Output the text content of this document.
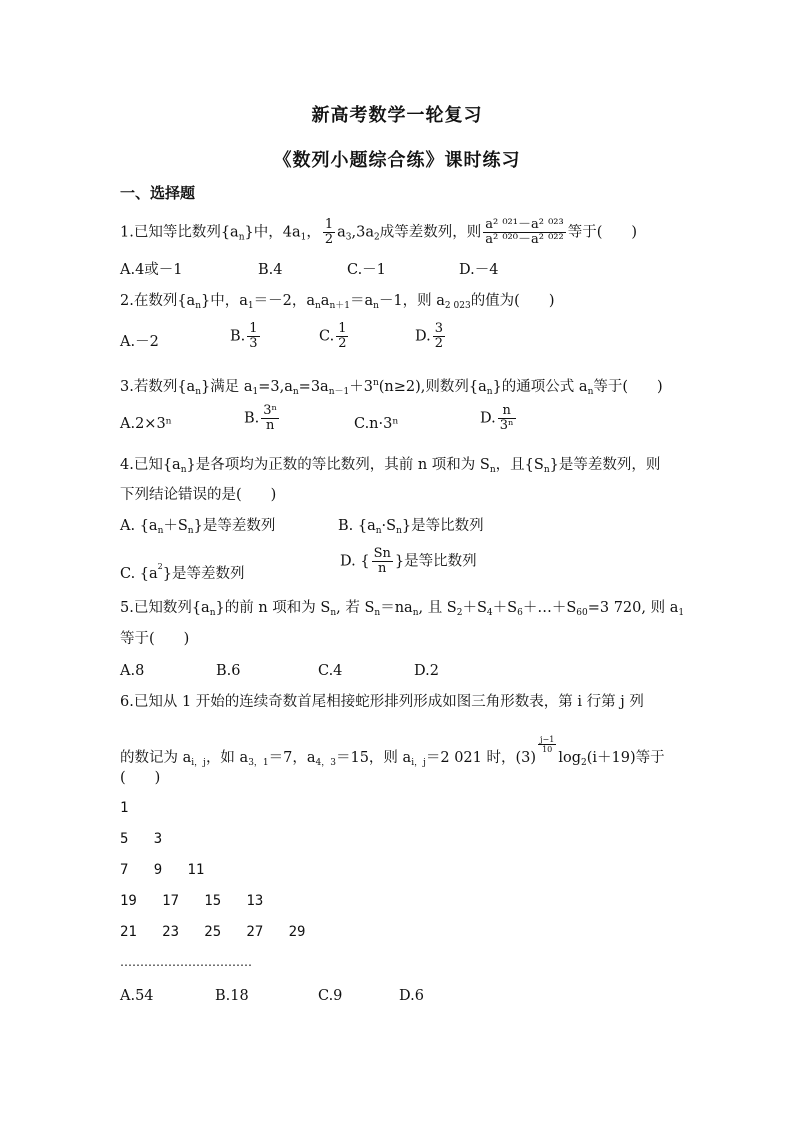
新高考数学一轮复习
《数列小题综合练》课时练习
一、选择题
1.已知等比数列$\{a_n\}$中，$4a_1$， $\frac{1}{2} a_3,3a_2$成等差数列，则 $\frac{\text{a² ⁰²¹－a² ⁰²³}}{\text{a² ⁰²⁰－a² ⁰²²}}$ 等于(　　)
A.4或－1	B.4	C.－1	D.－4
2.在数列$\{a_n\}$中，$a_1=-2$，$a_na_{n+1}=a_n-1$，则 $a_{2 023}$的值为(　　)
A.－2	B. $\frac{1}{3}$	C. $\frac{1}{2}$	D. $\frac{3}{2}$
3.若数列$\{a_n\}$满足 $a_1=3,a_n=3a_{n-1}+3^n(n\ge 2)$,则数列$\{a_n\}$的通项公式 $a_n$等于(　　)
A.2×3ⁿ	B. $\frac{\text{3ⁿ}}{n}$	C.n·3ⁿ	D. $\frac{n}{\text{3ⁿ}}$
4.已知$\{a_n\}$是各项均为正数的等比数列，其前 n 项和为 $S_n$，且$\{S_n\}$是等差数列，则
下列结论错误的是(　　)
A. $\{a_n+S_n\}$是等差数列	B. $\{a_n\cdot S_n\}$是等比数列
C. $\{a^2\}$是等差数列
D. { $\frac{Sn}{n}$ }是等比数列
5.已知数列$\{a_n\}$的前 n 项和为 $S_n$, 若 $S_n=na_n$, 且 $S_2+S_4+S_6+\dots+S_{60}=3$ 720, 则 $a_1$
等于(　　)
A.8	B.6	C.4	D.2
6.已知从 1 开始的连续奇数首尾相接蛇形排列形成如图三角形数表，第 i 行第 j 列
的数记为 $a_{i,j}$，如 $a_{3,1}=7$，$a_{4,3}=15$，则 $a_{i,j}=2$ 021 时，(3)
$\frac{j-1}{10}$
$\log_2(i+19)$等于
(　　)
1
5   3
7   9   11
19   17   15   13
21   23   25   27   29
……………………………
A.54	B.18	C.9	D.6
